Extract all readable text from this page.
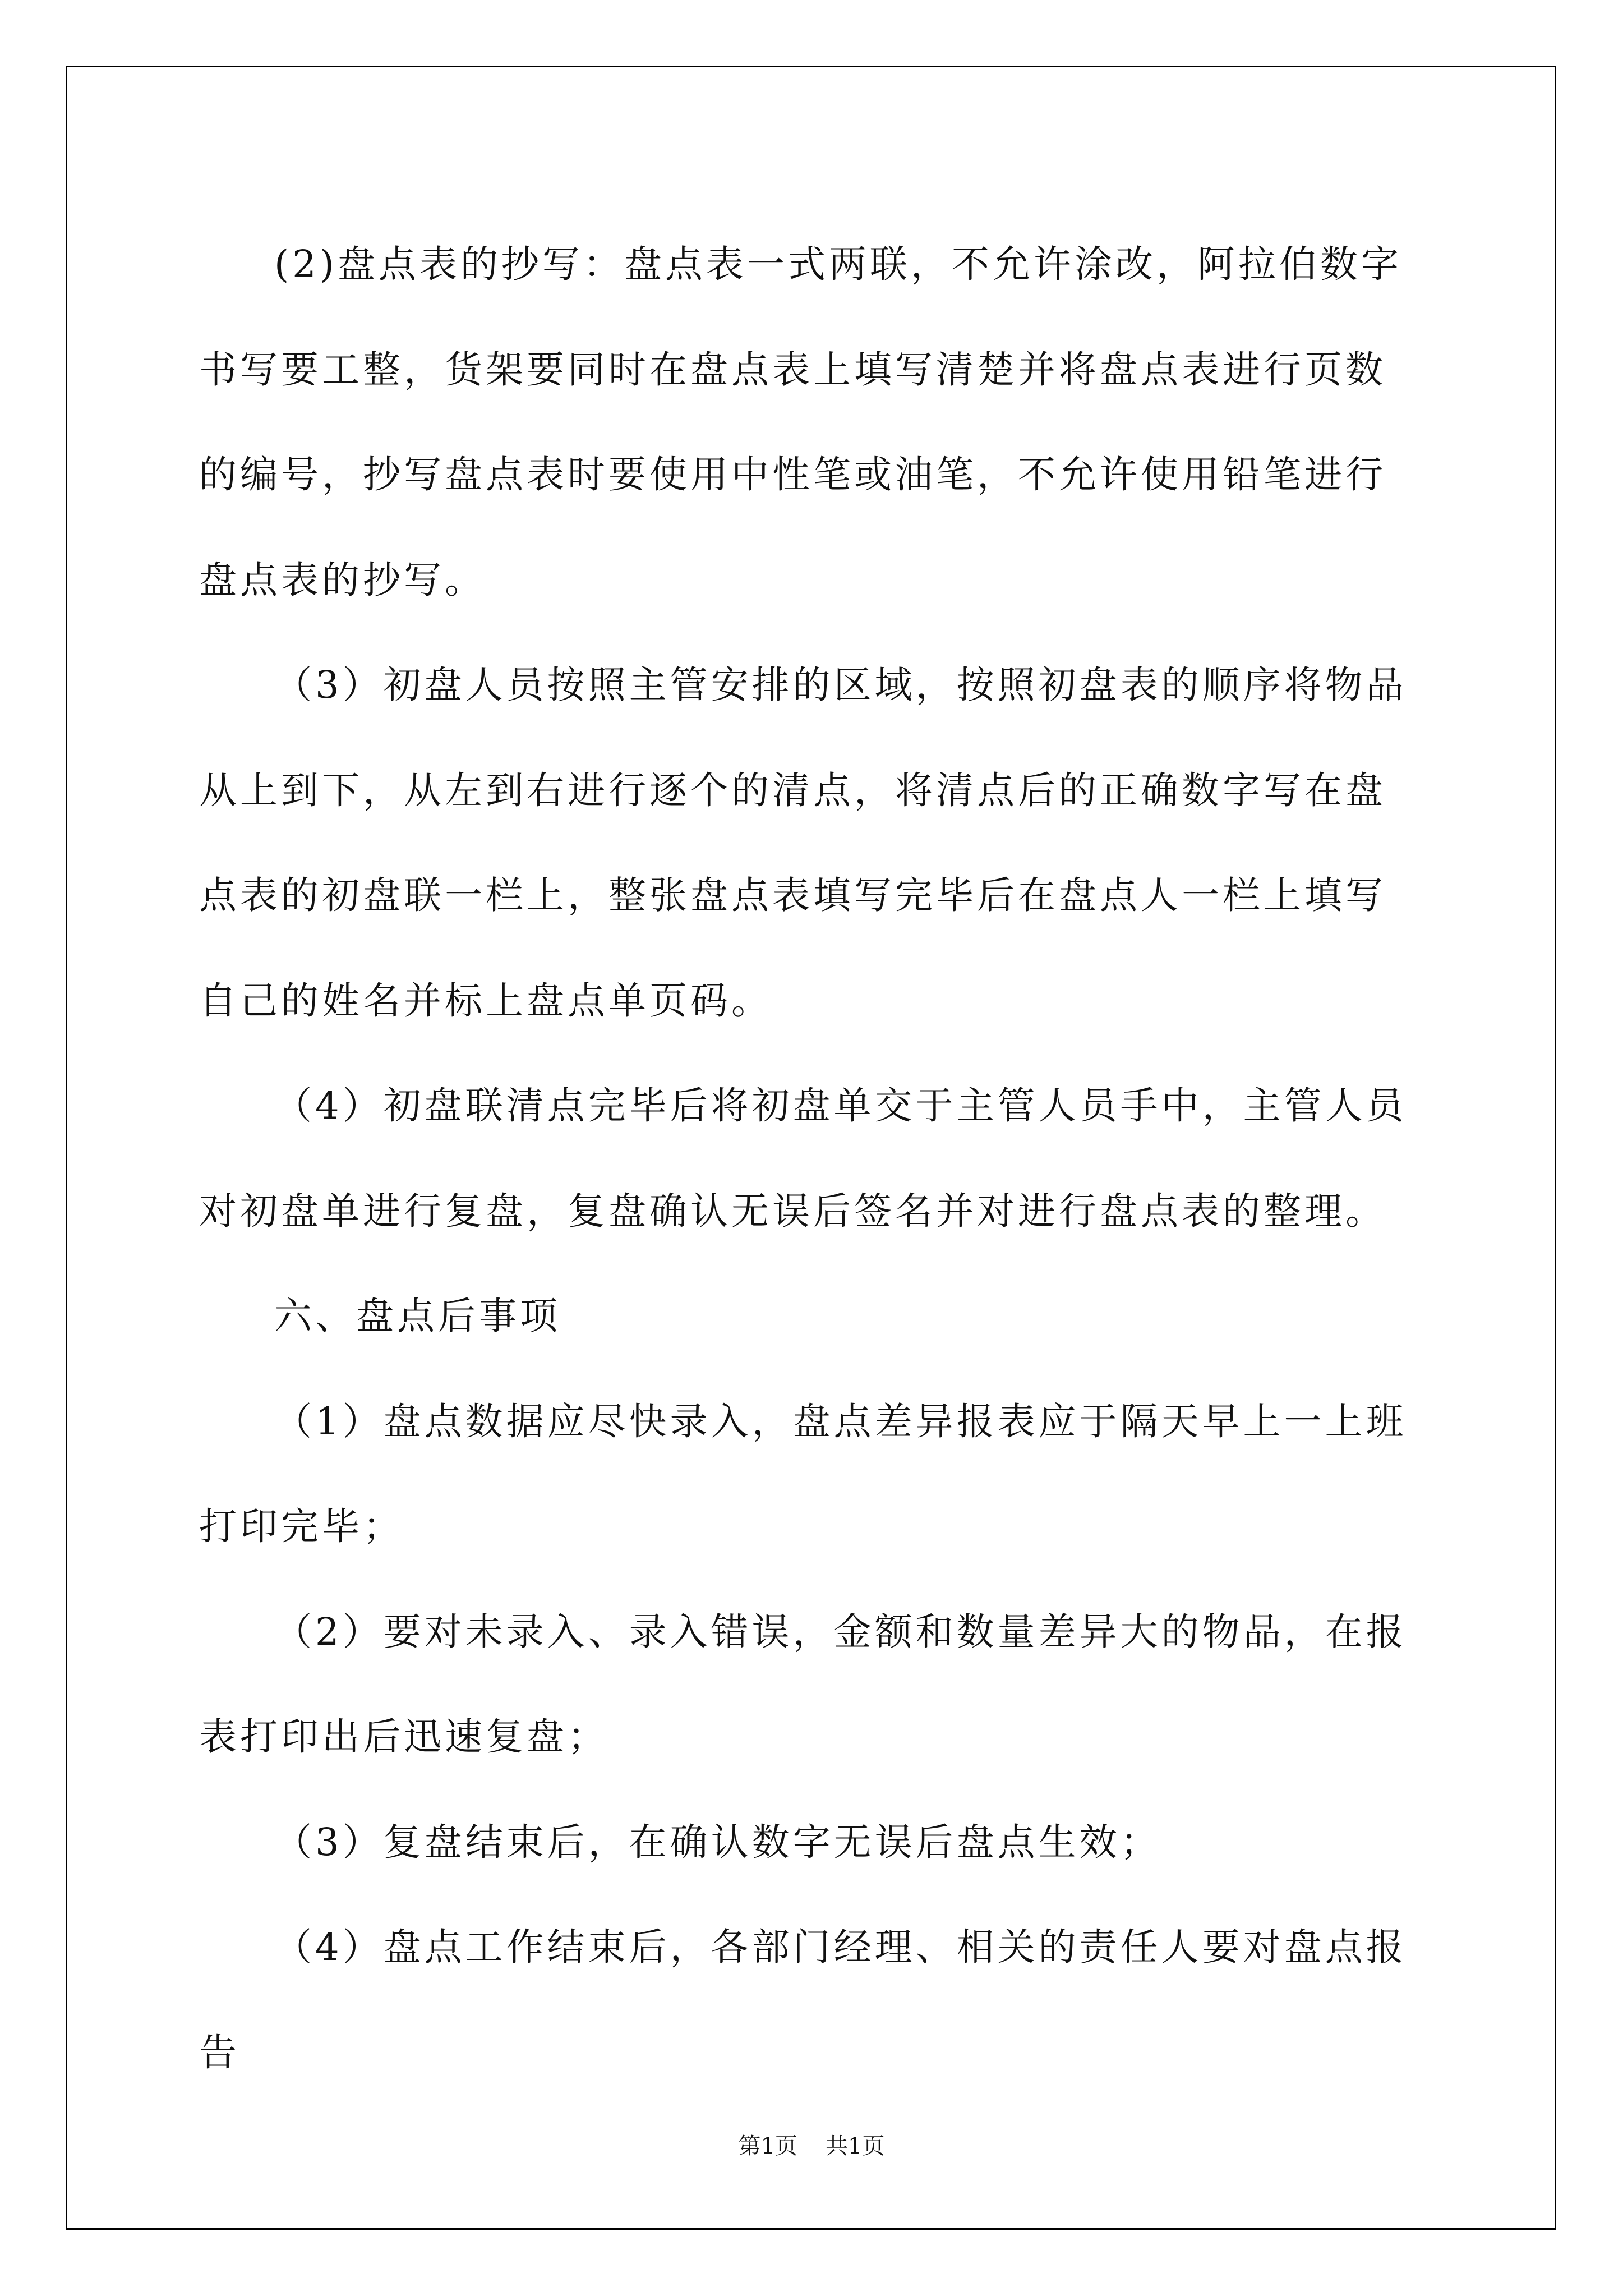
(2)盘点表的抄写：盘点表一式两联，不允许涂改，阿拉伯数字书写要工整，货架要同时在盘点表上填写清楚并将盘点表进行页数的编号，抄写盘点表时要使用中性笔或油笔，不允许使用铅笔进行盘点表的抄写。

（3）初盘人员按照主管安排的区域，按照初盘表的顺序将物品从上到下，从左到右进行逐个的清点，将清点后的正确数字写在盘点表的初盘联一栏上，整张盘点表填写完毕后在盘点人一栏上填写自己的姓名并标上盘点单页码。

（4）初盘联清点完毕后将初盘单交于主管人员手中，主管人员对初盘单进行复盘，复盘确认无误后签名并对进行盘点表的整理。

六、盘点后事项

（1）盘点数据应尽快录入，盘点差异报表应于隔天早上一上班打印完毕；

（2）要对未录入、录入错误，金额和数量差异大的物品，在报表打印出后迅速复盘；

（3）复盘结束后，在确认数字无误后盘点生效；

（4）盘点工作结束后，各部门经理、相关的责任人要对盘点报告

第1页 共1页
